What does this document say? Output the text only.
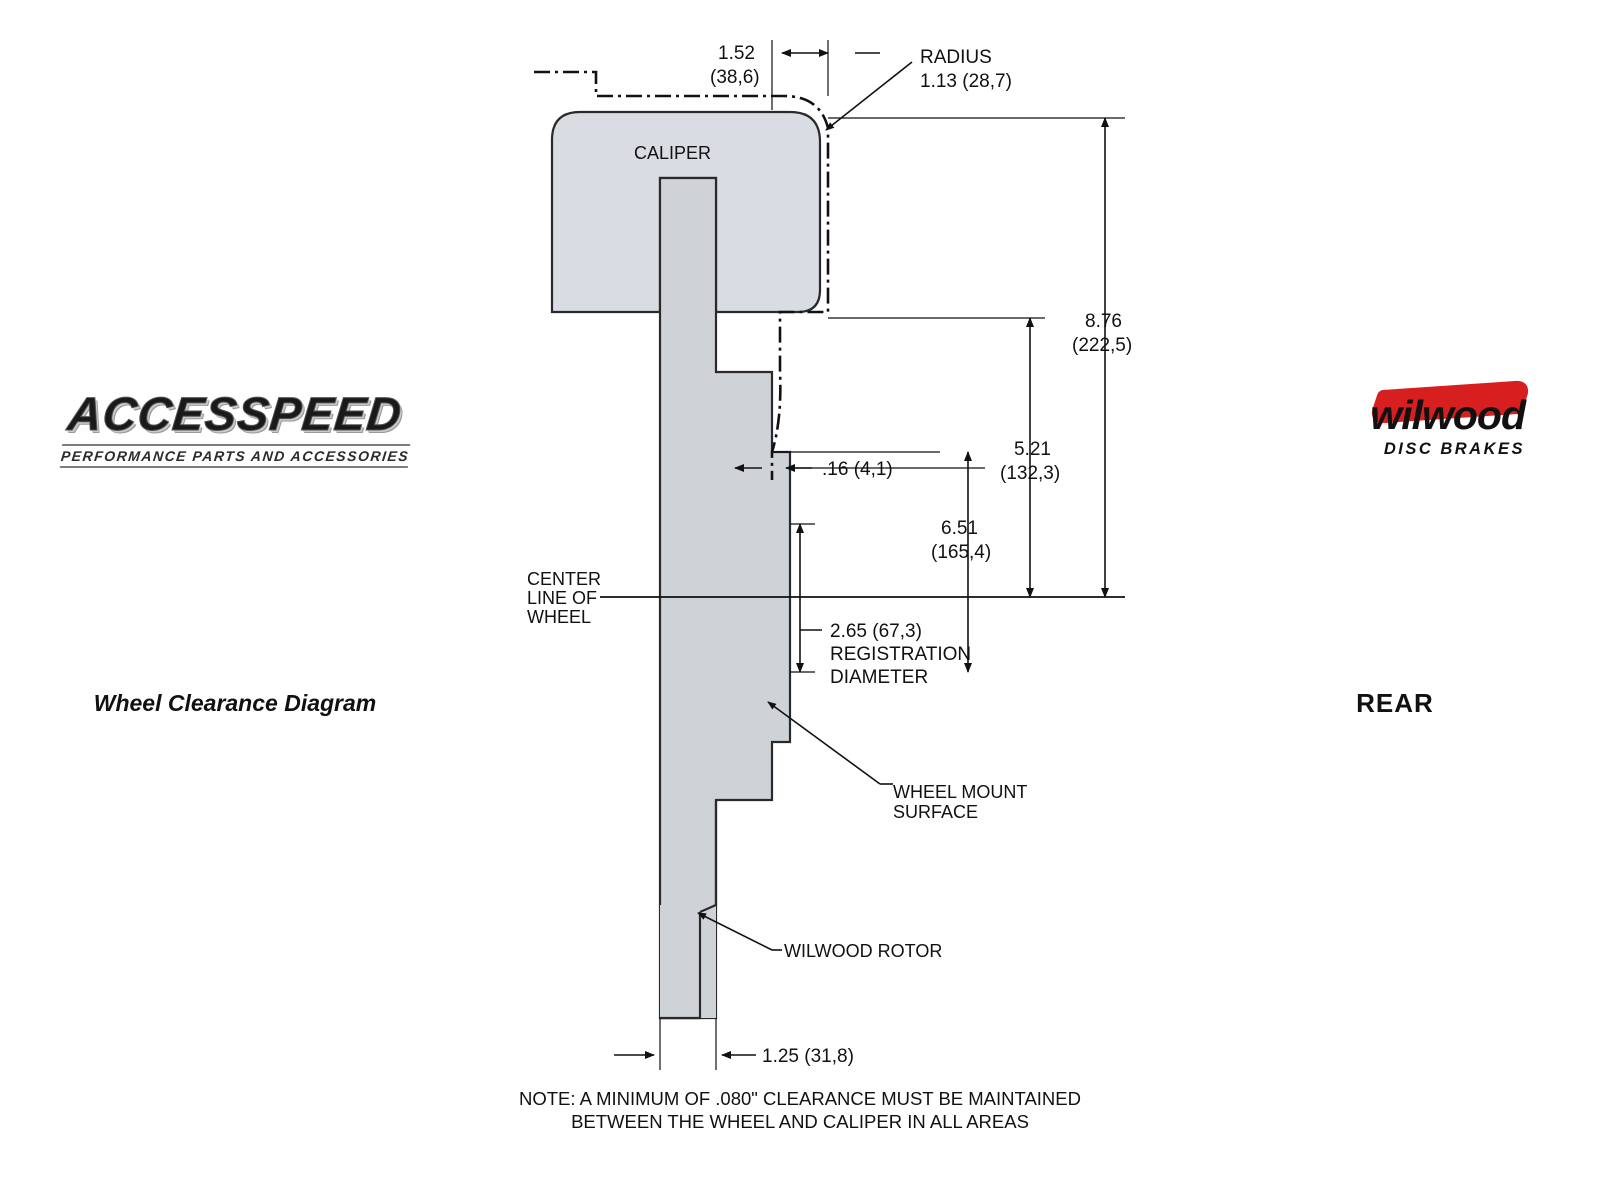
1.52
(38,6)
RADIUS
1.13 (28,7)
8.76
(222,5)
5.21
(132,3)
6.51
(165,4)
.16 (4,1)
2.65 (67,3)
REGISTRATION
DIAMETER
CALIPER
CENTER
LINE OF
WHEEL
WHEEL MOUNT
SURFACE
WILWOOD ROTOR
1.25 (31,8)
NOTE: A MINIMUM OF .080" CLEARANCE MUST BE MAINTAINED
BETWEEN THE WHEEL AND CALIPER IN ALL AREAS
ACCESSPEED
PERFORMANCE PARTS AND ACCESSORIES
Wheel Clearance Diagram
wilwood
DISC BRAKES
REAR
